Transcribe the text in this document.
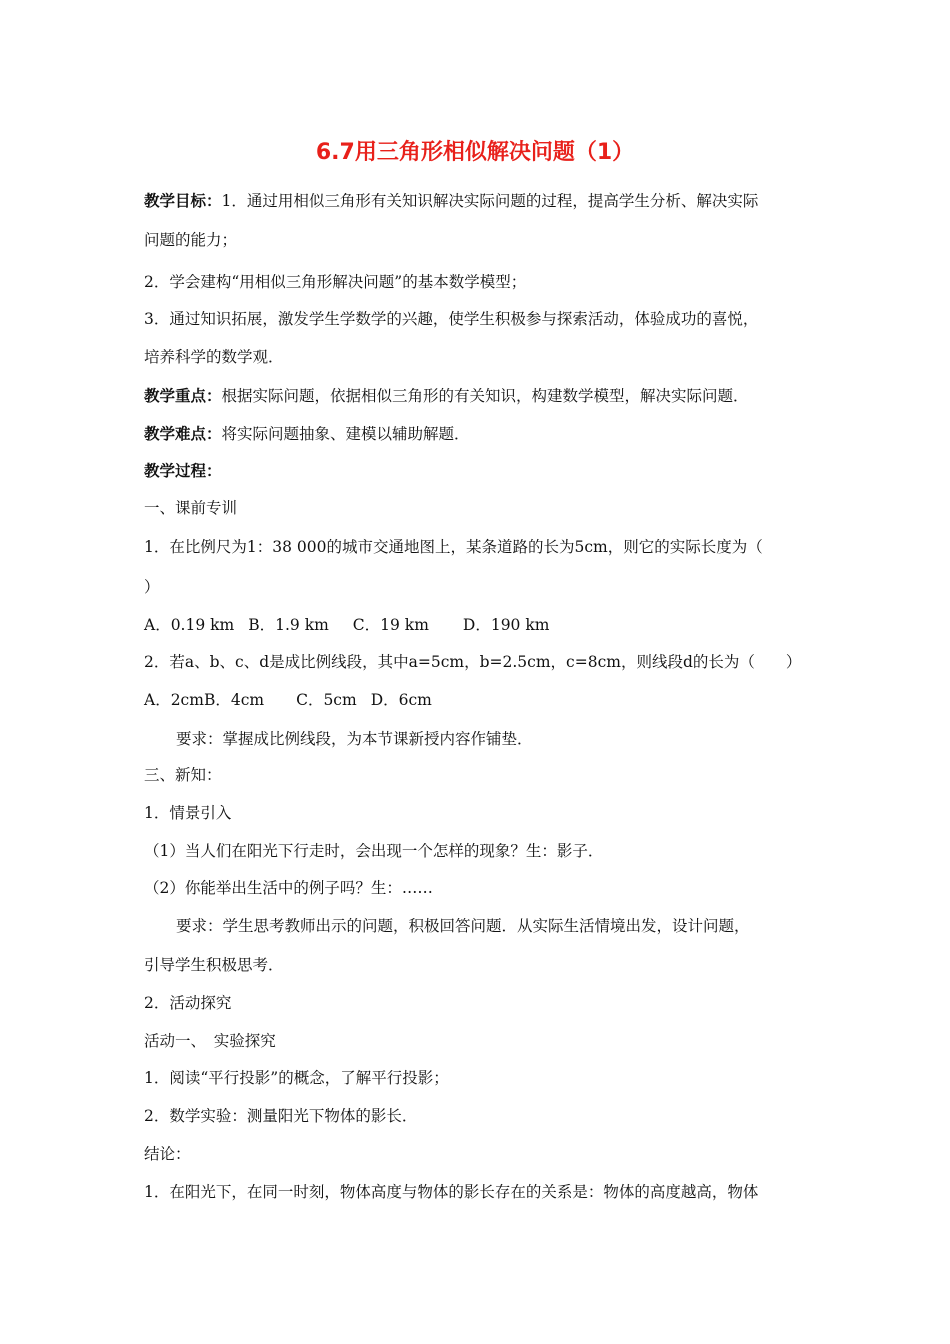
6.7用三角形相似解决问题（1）
教学目标：1．通过用相似三角形有关知识解决实际问题的过程，提高学生分析、解决实际
问题的能力；
2．学会建构“用相似三角形解决问题”的基本数学模型；
3．通过知识拓展，激发学生学数学的兴趣，使学生积极参与探索活动，体验成功的喜悦，
培养科学的数学观．
教学重点：根据实际问题，依据相似三角形的有关知识，构建数学模型，解决实际问题．
教学难点：将实际问题抽象、建模以辅助解题．
教学过程：
一、课前专训
1．在比例尺为1：38 000的城市交通地图上，某条道路的长为5cm，则它的实际长度为（
）
A．0.19 km B．1.9 km C．19 km D．190 km
2．若a、b、c、d是成比例线段，其中a=5cm，b=2.5cm，c=8cm，则线段d的长为（　　）
A．2cmB．4cm C．5cm D．6cm
要求：掌握成比例线段，为本节课新授内容作铺垫．
三、新知：
1．情景引入
（1）当人们在阳光下行走时，会出现一个怎样的现象？生：影子．
（2）你能举出生活中的例子吗？生：……
要求：学生思考教师出示的问题，积极回答问题．从实际生活情境出发，设计问题，
引导学生积极思考．
2．活动探究
活动一、　实验探究
1．阅读“平行投影”的概念，了解平行投影；
2．数学实验：测量阳光下物体的影长．
结论：
1．在阳光下，在同一时刻，物体高度与物体的影长存在的关系是：物体的高度越高，物体
